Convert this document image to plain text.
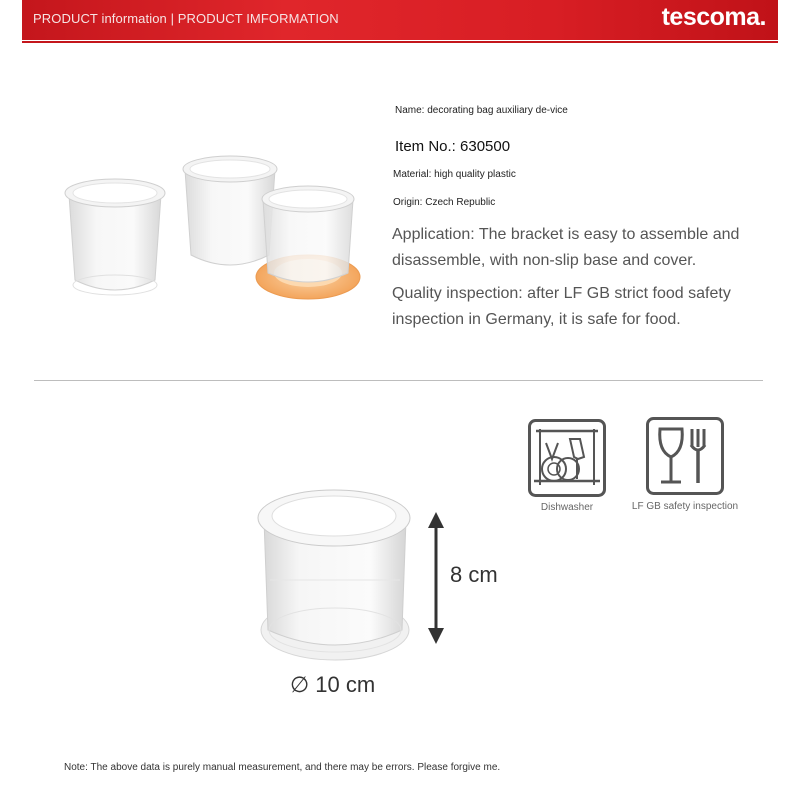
PRODUCT information | PRODUCT IMFORMATION	tescoma.
Name: decorating bag auxiliary de-vice
Item No.: 630500
Material: high quality plastic
Origin: Czech Republic
Application: The bracket is easy to assemble and disassemble, with non-slip base and cover.
Quality inspection: after LF GB strict food safety inspection in Germany, it is safe for food.
Dishwasher	LF GB safety inspection
8 cm
∅ 10 cm
Note: The above data is purely manual measurement, and there may be errors. Please forgive me.
